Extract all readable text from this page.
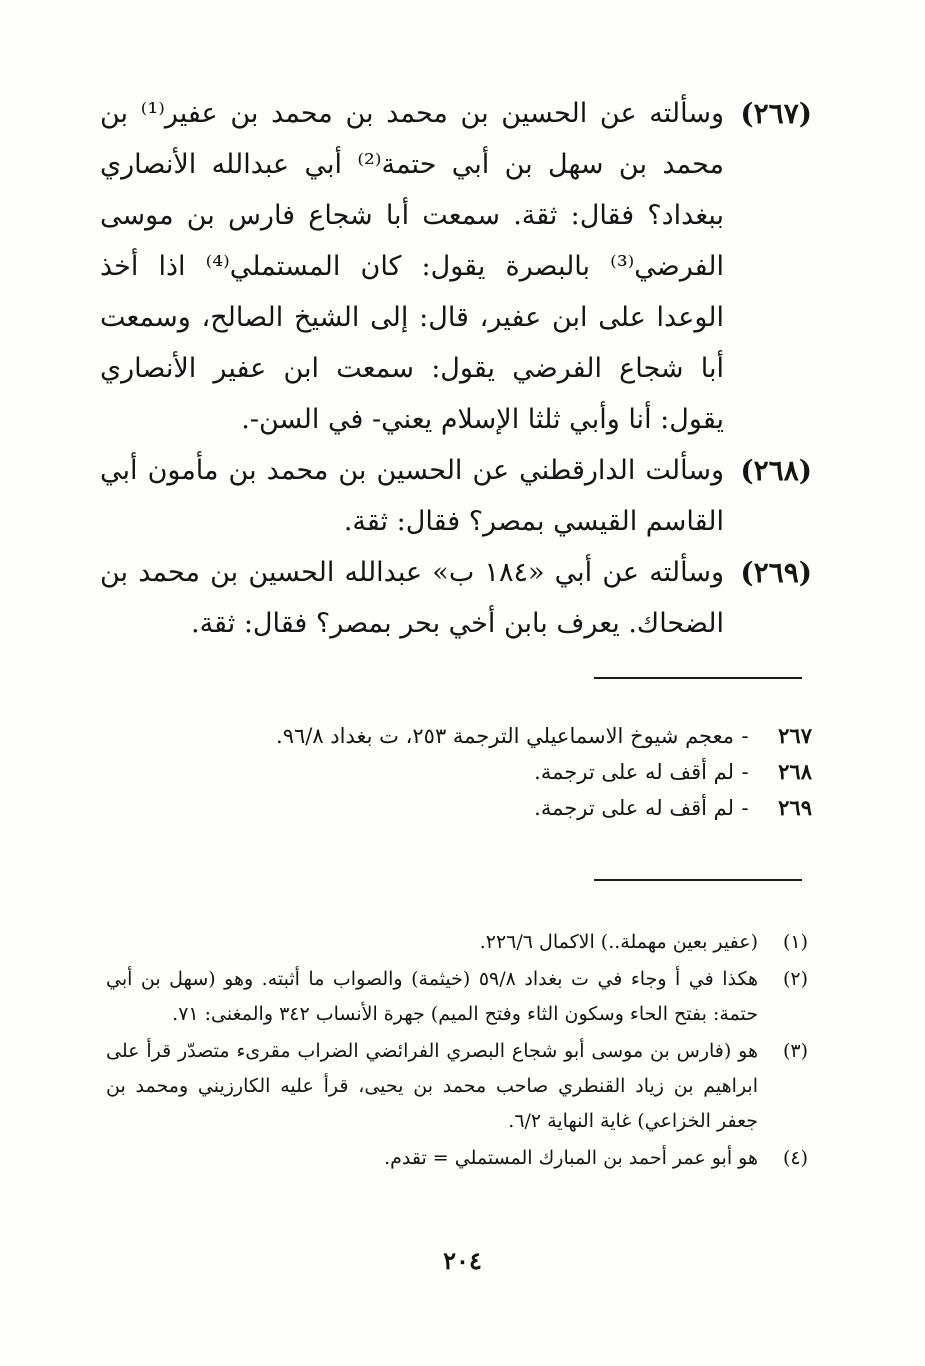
(٢٦٧)
وسألته عن الحسين بن محمد بن محمد بن عفير⁽¹⁾ بن محمد بن سهل بن أبي حتمة⁽²⁾ أبي عبدالله الأنصاري ببغداد؟ فقال: ثقة. سمعت أبا شجاع فارس بن موسى الفرضي⁽³⁾ بالبصرة يقول: كان المستملي⁽⁴⁾ اذا أخذ الوعدا على ابن عفير، قال: إلى الشيخ الصالح، وسمعت أبا شجاع الفرضي يقول: سمعت ابن عفير الأنصاري يقول: أنا وأبي ثلثا الإسلام يعني- في السن-.
(٢٦٨)
وسألت الدارقطني عن الحسين بن محمد بن مأمون أبي القاسم القيسي بمصر؟ فقال: ثقة.
(٢٦٩)
وسألته عن أبي «١٨٤ ب» عبدالله الحسين بن محمد بن الضحاك. يعرف بابن أخي بحر بمصر؟ فقال: ثقة.
٢٦٧
-
معجم شيوخ الاسماعيلي الترجمة ٢٥٣، ت بغداد ٩٦/٨.
٢٦٨
-
لم أقف له على ترجمة.
٢٦٩
-
لم أقف له على ترجمة.
(١)
(عفير بعين مهملة..) الاكمال ٢٢٦/٦.
(٢)
هكذا في أ وجاء في ت بغداد ٥٩/٨ (خيثمة) والصواب ما أثبته. وهو (سهل بن أبي حتمة: بفتح الحاء وسكون الثاء وفتح الميم) جهرة الأنساب ٣٤٢ والمغنى: ٧١.
(٣)
هو (فارس بن موسى أبو شجاع البصري الفرائضي الضراب مقرىء متصدّر قرأ على ابراهيم بن زياد القنطري صاحب محمد بن يحيى، قرأ عليه الكارزيني ومحمد بن جعفر الخزاعي) غاية النهاية ٦/٢.
(٤)
هو أبو عمر أحمد بن المبارك المستملي = تقدم.
٢٠٤
